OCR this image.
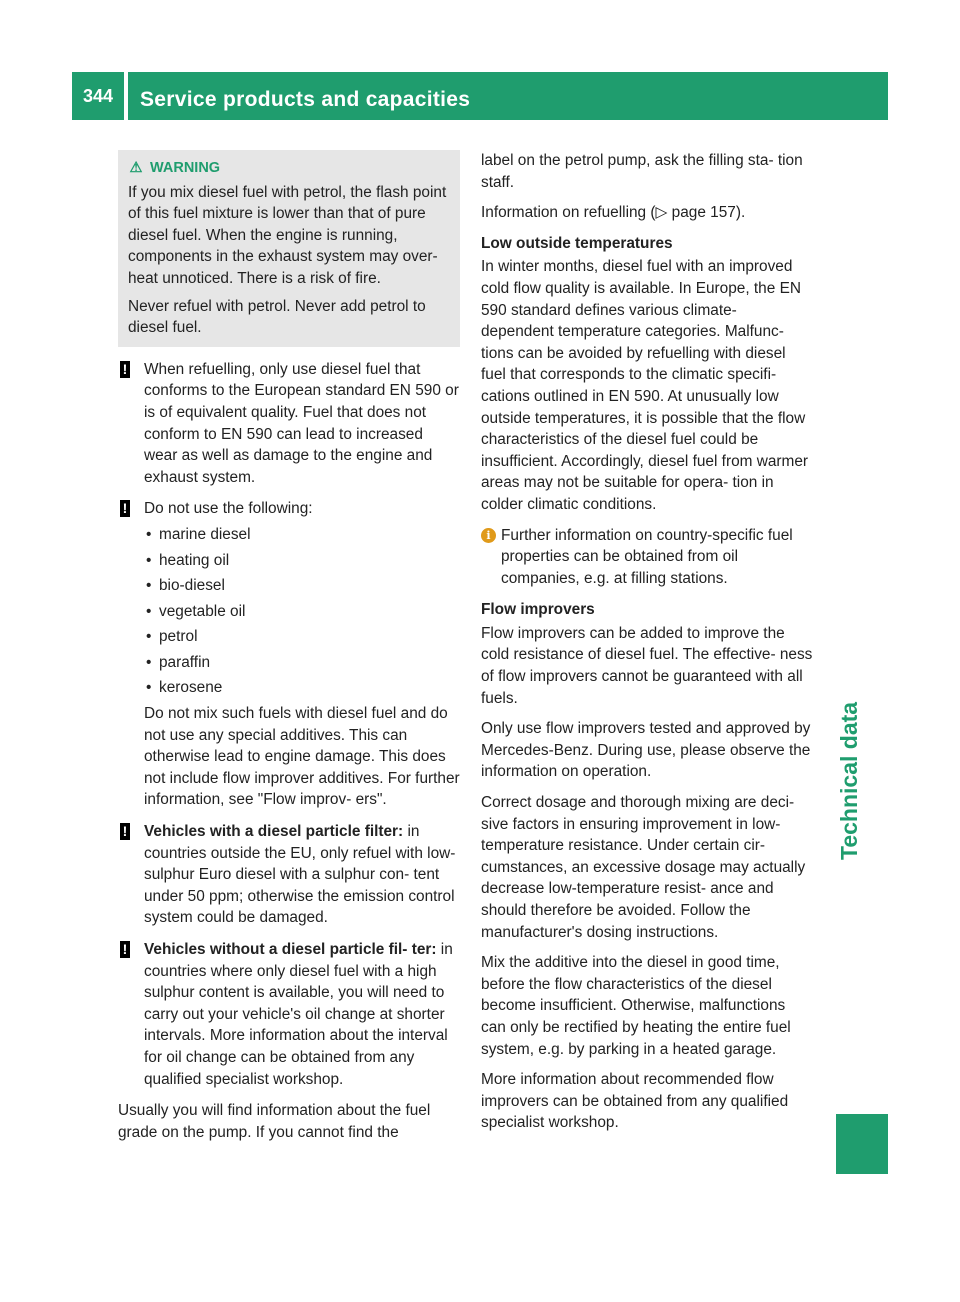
344	Service products and capacities
Technical data
⚠ WARNING

If you mix diesel fuel with petrol, the flash point of this fuel mixture is lower than that of pure diesel fuel. When the engine is running, components in the exhaust system may over- heat unnoticed. There is a risk of fire.

Never refuel with petrol. Never add petrol to diesel fuel.

! When refuelling, only use diesel fuel that conforms to the European standard EN 590 or is of equivalent quality. Fuel that does not conform to EN 590 can lead to increased wear as well as damage to the engine and exhaust system.

! Do not use the following:

• marine diesel
• heating oil
• bio-diesel
• vegetable oil
• petrol
• paraffin
• kerosene

Do not mix such fuels with diesel fuel and do not use any special additives. This can otherwise lead to engine damage. This does not include flow improver additives. For further information, see "Flow improv- ers".

! Vehicles with a diesel particle filter: in countries outside the EU, only refuel with low-sulphur Euro diesel with a sulphur con- tent under 50 ppm; otherwise the emission control system could be damaged.

! Vehicles without a diesel particle fil- ter: in countries where only diesel fuel with a high sulphur content is available, you will need to carry out your vehicle's oil change at shorter intervals. More information about the interval for oil change can be obtained from any qualified specialist workshop.

Usually you will find information about the fuel grade on the pump. If you cannot find the

label on the petrol pump, ask the filling sta- tion staff.

Information on refuelling (▷ page 157).

Low outside temperatures

In winter months, diesel fuel with an improved cold flow quality is available. In Europe, the EN 590 standard defines various climate- dependent temperature categories. Malfunc- tions can be avoided by refuelling with diesel fuel that corresponds to the climatic specifi- cations outlined in EN 590. At unusually low outside temperatures, it is possible that the flow characteristics of the diesel fuel could be insufficient. Accordingly, diesel fuel from warmer areas may not be suitable for opera- tion in colder climatic conditions.

i Further information on country-specific fuel properties can be obtained from oil companies, e.g. at filling stations.

Flow improvers

Flow improvers can be added to improve the cold resistance of diesel fuel. The effective- ness of flow improvers cannot be guaranteed with all fuels.

Only use flow improvers tested and approved by Mercedes-Benz. During use, please observe the information on operation.

Correct dosage and thorough mixing are deci- sive factors in ensuring improvement in low- temperature resistance. Under certain cir- cumstances, an excessive dosage may actually decrease low-temperature resist- ance and should therefore be avoided. Follow the manufacturer's dosing instructions.

Mix the additive into the diesel in good time, before the flow characteristics of the diesel become insufficient. Otherwise, malfunctions can only be rectified by heating the entire fuel system, e.g. by parking in a heated garage.

More information about recommended flow improvers can be obtained from any qualified specialist workshop.
